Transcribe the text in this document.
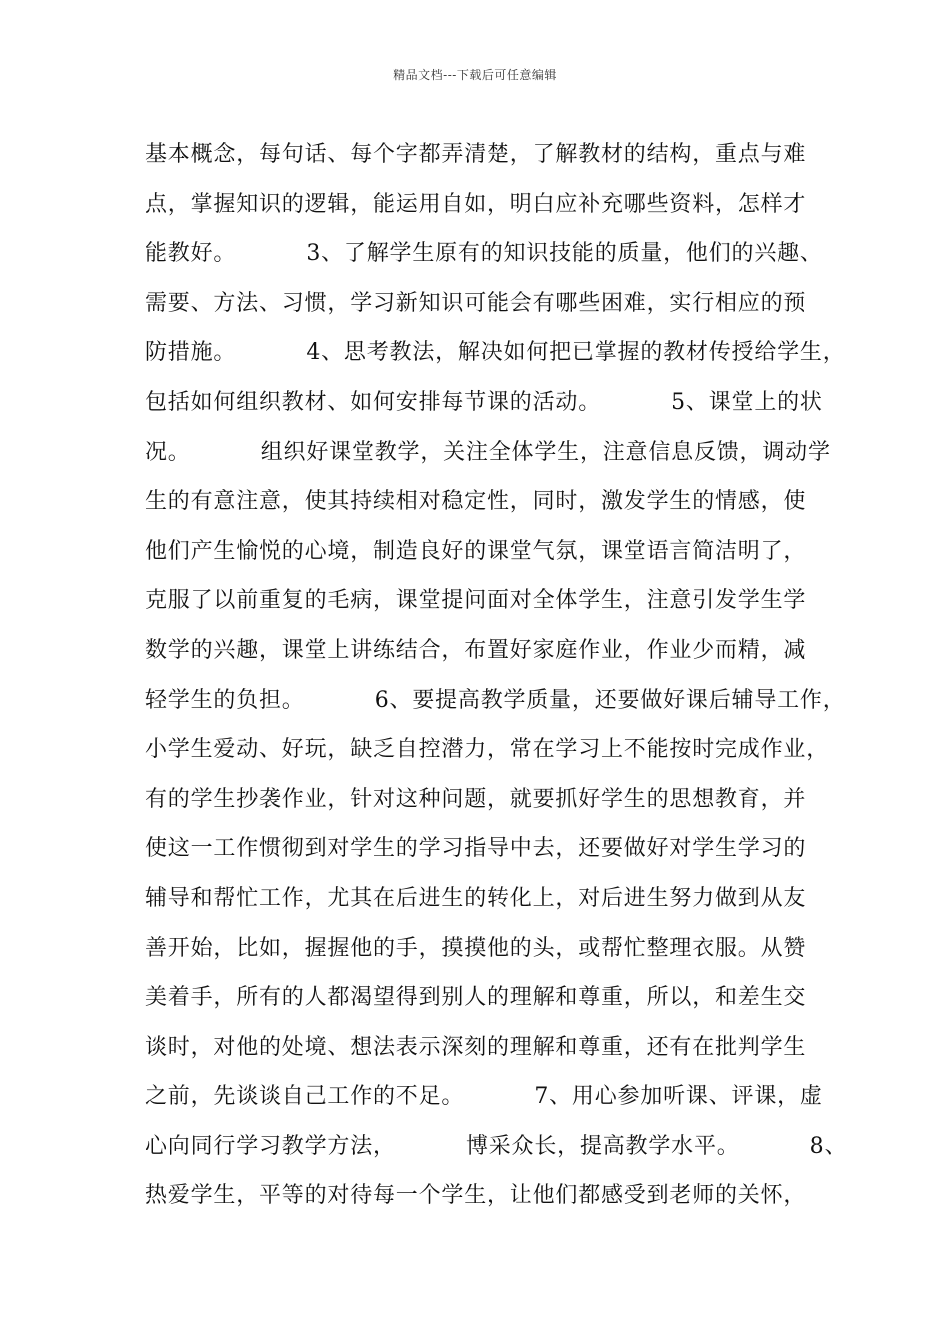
精品文档---下载后可任意编辑
基本概念，每句话、每个字都弄清楚，了解教材的结构，重点与难
点，掌握知识的逻辑，能运用自如，明白应补充哪些资料，怎样才
能教好。         3、了解学生原有的知识技能的质量，他们的兴趣、
需要、方法、习惯，学习新知识可能会有哪些困难，实行相应的预
防措施。         4、思考教法，解决如何把已掌握的教材传授给学生，
包括如何组织教材、如何安排每节课的活动。         5、课堂上的状
况。         组织好课堂教学，关注全体学生，注意信息反馈，调动学
生的有意注意，使其持续相对稳定性，同时，激发学生的情感，使
他们产生愉悦的心境，制造良好的课堂气氛，课堂语言简洁明了，
克服了以前重复的毛病，课堂提问面对全体学生，注意引发学生学
数学的兴趣，课堂上讲练结合，布置好家庭作业，作业少而精，减
轻学生的负担。         6、要提高教学质量，还要做好课后辅导工作，
小学生爱动、好玩，缺乏自控潜力，常在学习上不能按时完成作业，
有的学生抄袭作业，针对这种问题，就要抓好学生的思想教育，并
使这一工作惯彻到对学生的学习指导中去，还要做好对学生学习的
辅导和帮忙工作，尤其在后进生的转化上，对后进生努力做到从友
善开始，比如，握握他的手，摸摸他的头，或帮忙整理衣服。从赞
美着手，所有的人都渴望得到别人的理解和尊重，所以，和差生交
谈时，对他的处境、想法表示深刻的理解和尊重，还有在批判学生
之前，先谈谈自己工作的不足。         7、用心参加听课、评课，虚
心向同行学习教学方法，         博采众长，提高教学水平。         8、
热爱学生，平等的对待每一个学生，让他们都感受到老师的关怀，
